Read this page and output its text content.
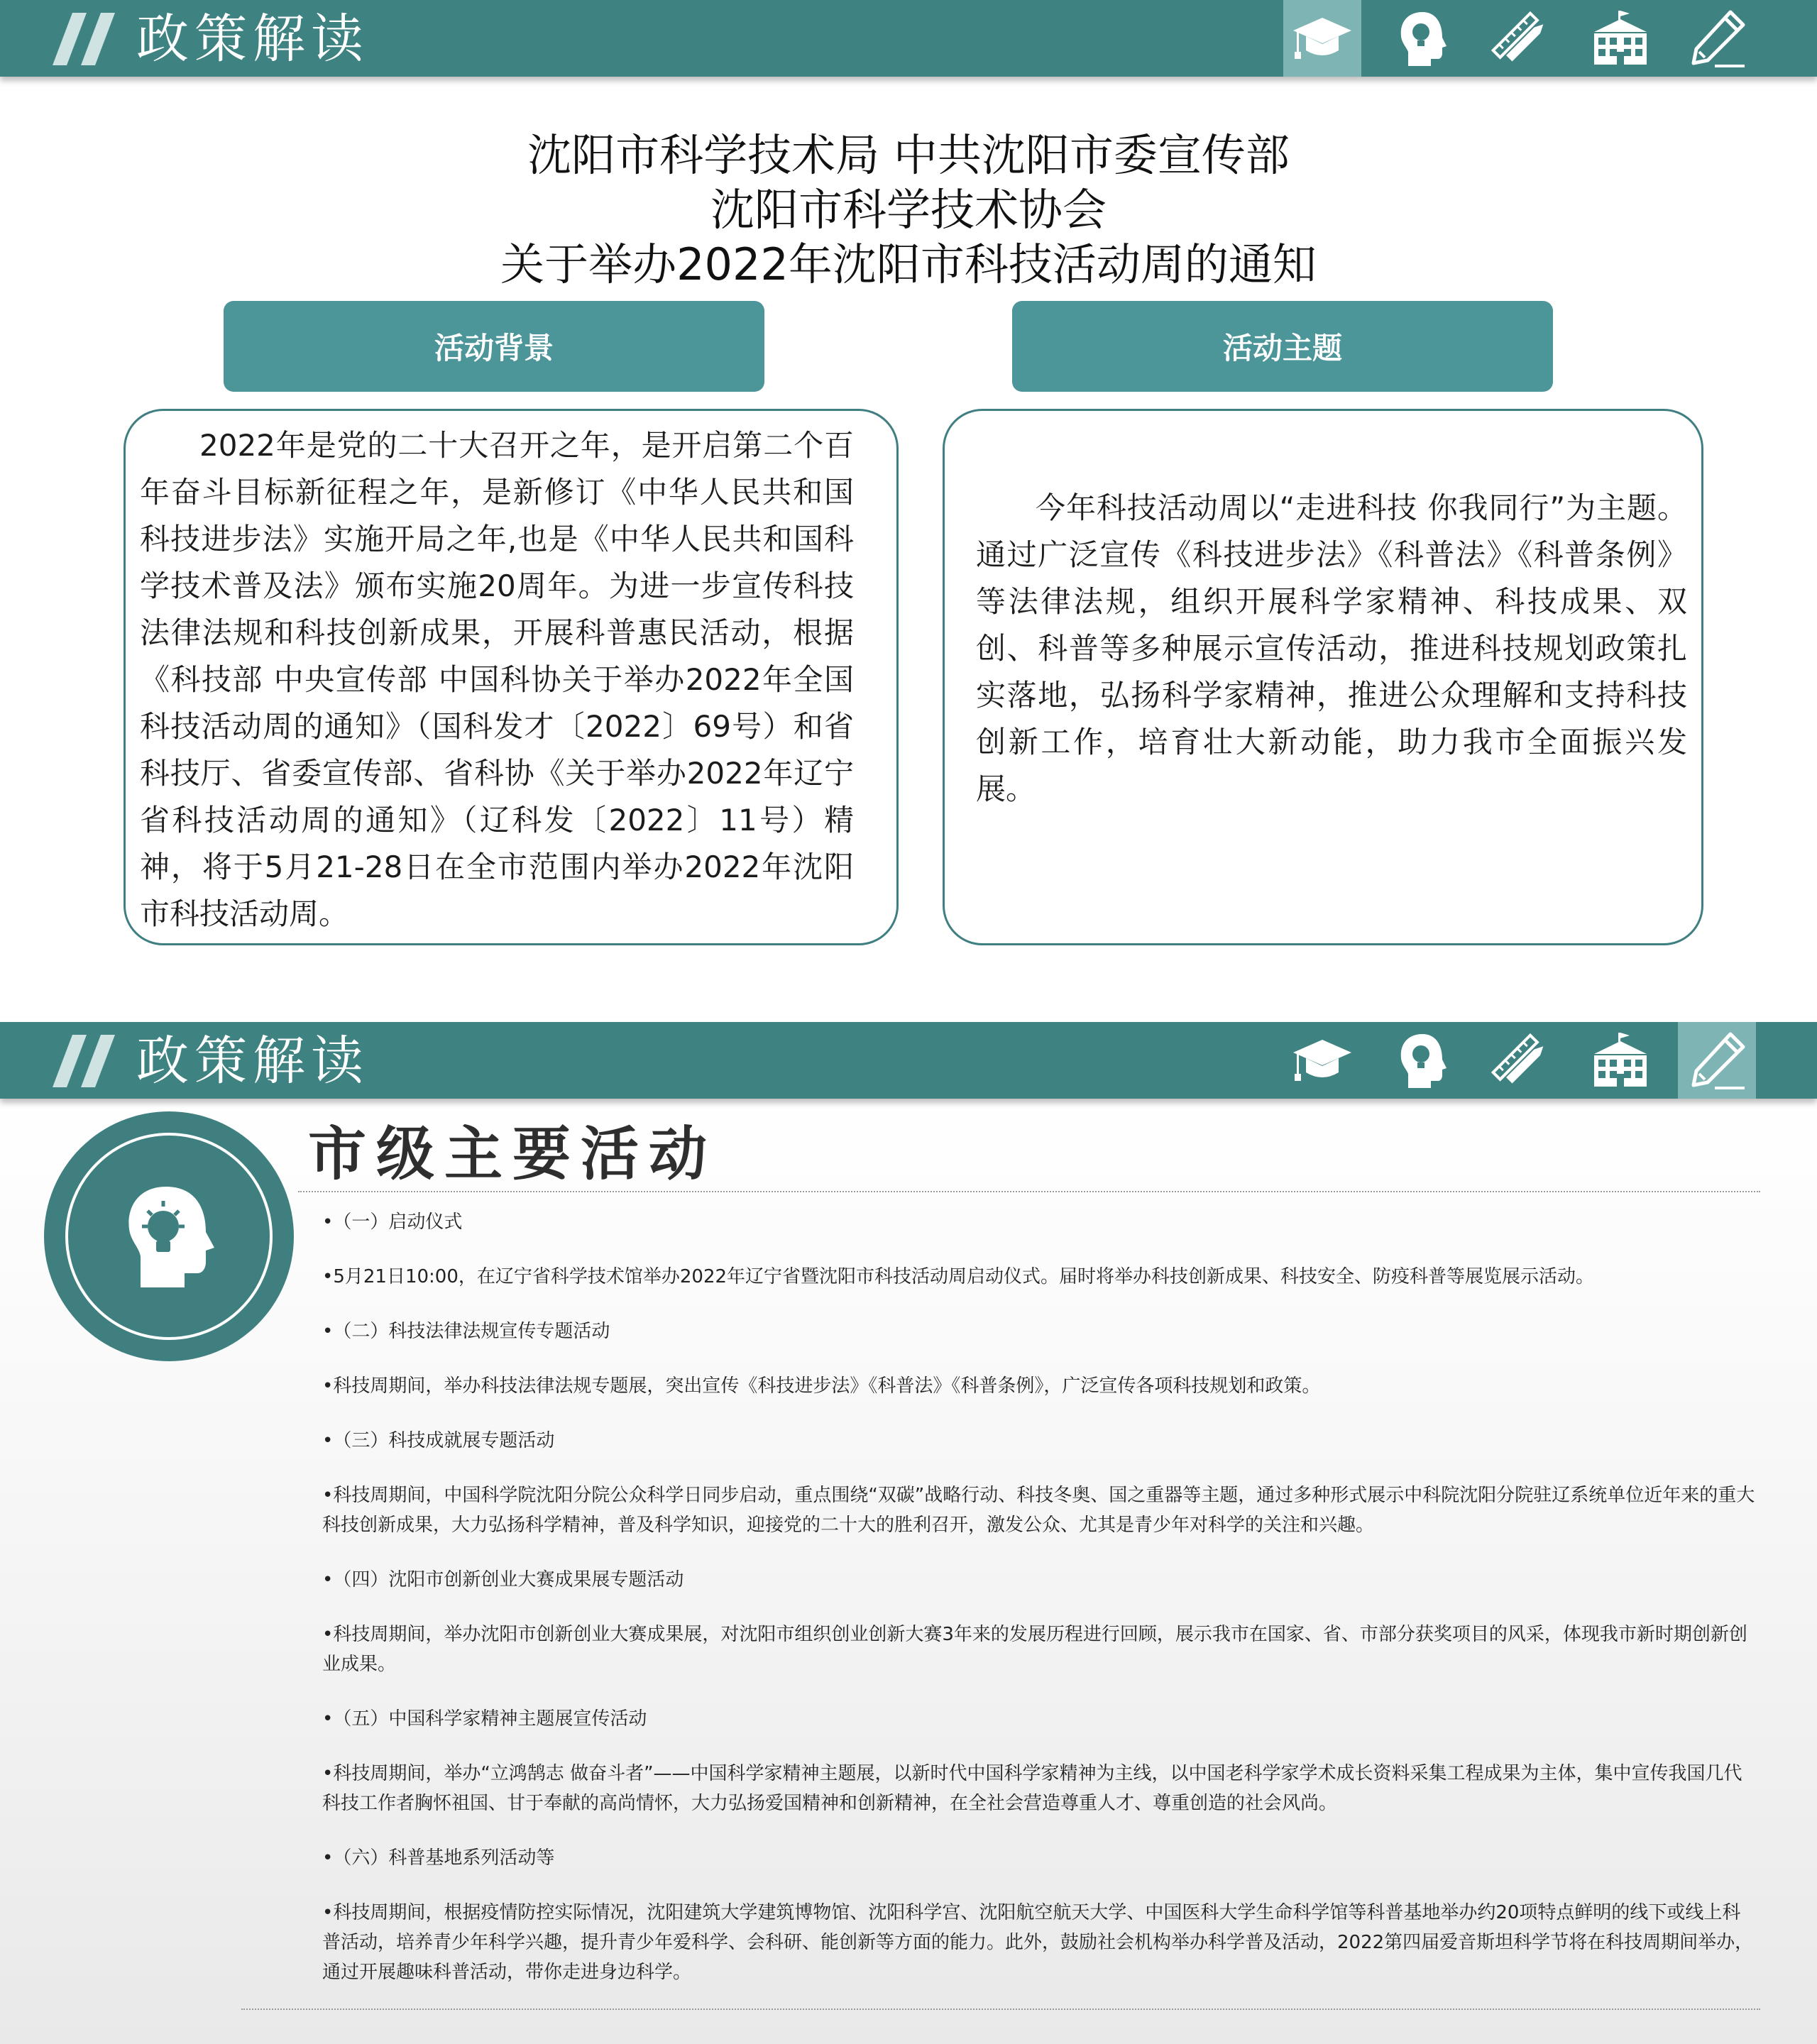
政策解读
沈阳市科学技术局 中共沈阳市委宣传部
沈阳市科学技术协会
关于举办2022年沈阳市科技活动周的通知
活动背景	活动主题

2022年是党的二十大召开之年，是开启第二个百年奋斗目标新征程之年，是新修订《中华人民共和国科技进步法》实施开局之年,也是《中华人民共和国科学技术普及法》颁布实施20周年。为进一步宣传科技法律法规和科技创新成果，开展科普惠民活动，根据《科技部 中央宣传部 中国科协关于举办2022年全国科技活动周的通知》（国科发才〔2022〕69号）和省科技厅、省委宣传部、省科协《关于举办2022年辽宁省科技活动周的通知》（辽科发〔2022〕11号）精神，将于5月21-28日在全市范围内举办2022年沈阳市科技活动周。

今年科技活动周以“走进科技 你我同行”为主题。通过广泛宣传《科技进步法》《科普法》《科普条例》等法律法规，组织开展科学家精神、科技成果、双创、科普等多种展示宣传活动，推进科技规划政策扎实落地，弘扬科学家精神，推进公众理解和支持科技创新工作，培育壮大新动能，助力我市全面振兴发展。

政策解读
市级主要活动
•（一）启动仪式
•5月21日10:00，在辽宁省科学技术馆举办2022年辽宁省暨沈阳市科技活动周启动仪式。届时将举办科技创新成果、科技安全、防疫科普等展览展示活动。
•（二）科技法律法规宣传专题活动
•科技周期间，举办科技法律法规专题展，突出宣传《科技进步法》《科普法》《科普条例》，广泛宣传各项科技规划和政策。
•（三）科技成就展专题活动
•科技周期间，中国科学院沈阳分院公众科学日同步启动，重点围绕“双碳”战略行动、科技冬奥、国之重器等主题，通过多种形式展示中科院沈阳分院驻辽系统单位近年来的重大科技创新成果，大力弘扬科学精神，普及科学知识，迎接党的二十大的胜利召开，激发公众、尤其是青少年对科学的关注和兴趣。
•（四）沈阳市创新创业大赛成果展专题活动
•科技周期间，举办沈阳市创新创业大赛成果展，对沈阳市组织创业创新大赛3年来的发展历程进行回顾，展示我市在国家、省、市部分获奖项目的风采，体现我市新时期创新创业成果。
•（五）中国科学家精神主题展宣传活动
•科技周期间，举办“立鸿鹄志 做奋斗者”——中国科学家精神主题展，以新时代中国科学家精神为主线，以中国老科学家学术成长资料采集工程成果为主体，集中宣传我国几代科技工作者胸怀祖国、甘于奉献的高尚情怀，大力弘扬爱国精神和创新精神，在全社会营造尊重人才、尊重创造的社会风尚。
•（六）科普基地系列活动等
•科技周期间，根据疫情防控实际情况，沈阳建筑大学建筑博物馆、沈阳科学宫、沈阳航空航天大学、中国医科大学生命科学馆等科普基地举办约20项特点鲜明的线下或线上科普活动，培养青少年科学兴趣，提升青少年爱科学、会科研、能创新等方面的能力。此外，鼓励社会机构举办科学普及活动，2022第四届爱音斯坦科学节将在科技周期间举办，通过开展趣味科普活动，带你走进身边科学。
